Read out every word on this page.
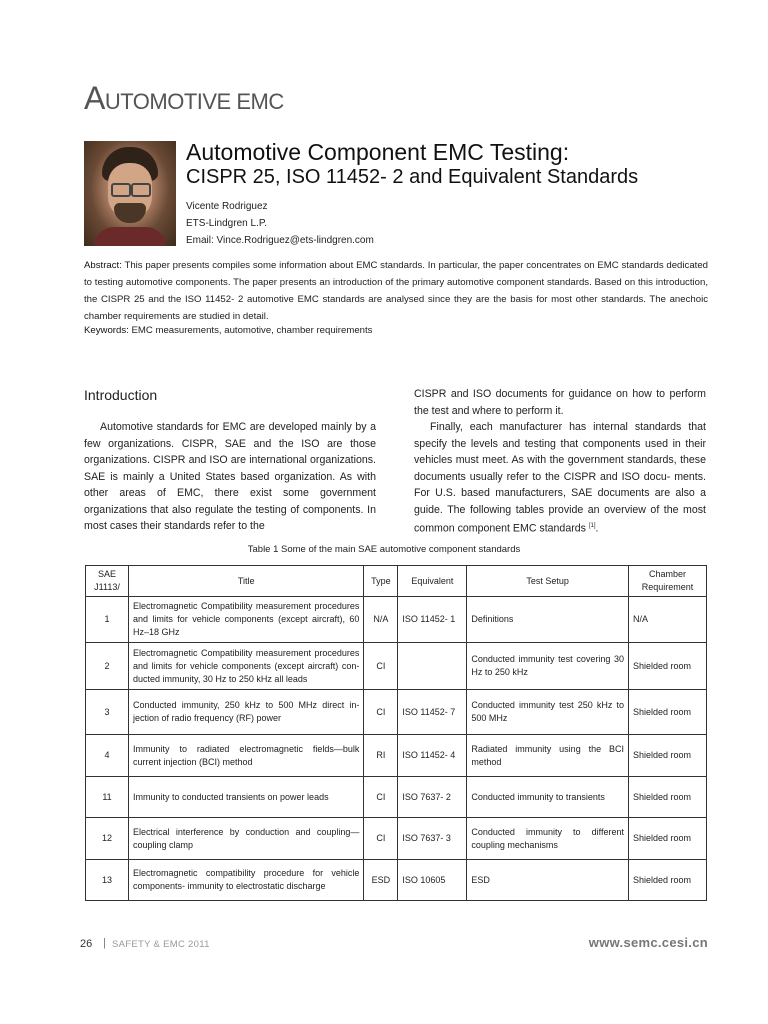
AUTOMOTIVE EMC
Automotive Component EMC Testing:
CISPR 25, ISO 11452- 2 and Equivalent Standards
Vicente Rodriguez
ETS-Lindgren L.P.
Email: Vince.Rodriguez@ets-lindgren.com
Abstract: This paper presents compiles some information about EMC standards. In particular, the paper concentrates on EMC standards dedicated to testing automotive components. The paper presents an introduction of the primary automotive component standards. Based on this introduction, the CISPR 25 and the ISO 11452- 2 automotive EMC standards are analysed since they are the basis for most other standards. The anechoic chamber requirements are studied in detail.
Keywords: EMC measurements, automotive, chamber requirements
Introduction

Automotive standards for EMC are developed mainly by a few organizations. CISPR, SAE and the ISO are those organizations. CISPR and ISO are international organizations. SAE is mainly a United States based organization. As with other areas of EMC, there exist some government organizations that also regulate the testing of components. In most cases their standards refer to the

CISPR and ISO documents for guidance on how to perform the test and where to perform it.

Finally, each manufacturer has internal standards that specify the levels and testing that components used in their vehicles must meet. As with the government standards, these documents usually refer to the CISPR and ISO docu- ments. For U.S. based manufacturers, SAE documents are also a guide. The following tables provide an overview of the most common component EMC standards [1].

Table 1 Some of the main SAE automotive component standards
SAE J1113/	Title	Type	Equivalent	Test Setup	Chamber Requirement
1	Electromagnetic Compatibility measurement procedures and limits for vehicle components (except aircraft), 60 Hz–18 GHz	N/A	ISO 11452- 1	Definitions	N/A
2	Electromagnetic Compatibility measurement procedures and limits for vehicle components (except aircraft) con- ducted immunity, 30 Hz to 250 kHz all leads	CI		Conducted immunity test covering 30 Hz to 250 kHz	Shielded room
3	Conducted immunity, 250 kHz to 500 MHz direct in- jection of radio frequency (RF) power	CI	ISO 11452- 7	Conducted immunity test 250 kHz to 500 MHz	Shielded room
4	Immunity to radiated electromagnetic fields—bulk current injection (BCI) method	RI	ISO 11452- 4	Radiated immunity using the BCI method	Shielded room
11	Immunity to conducted transients on power leads	CI	ISO 7637- 2	Conducted immunity to transients	Shielded room
12	Electrical interference by conduction and coupling—coupling clamp	CI	ISO 7637- 3	Conducted immunity to different coupling mechanisms	Shielded room
13	Electromagnetic compatibility procedure for vehicle components- immunity to electrostatic discharge	ESD	ISO 10605	ESD	Shielded room
26 | SAFETY & EMC 2011	www.semc.cesi.cn
